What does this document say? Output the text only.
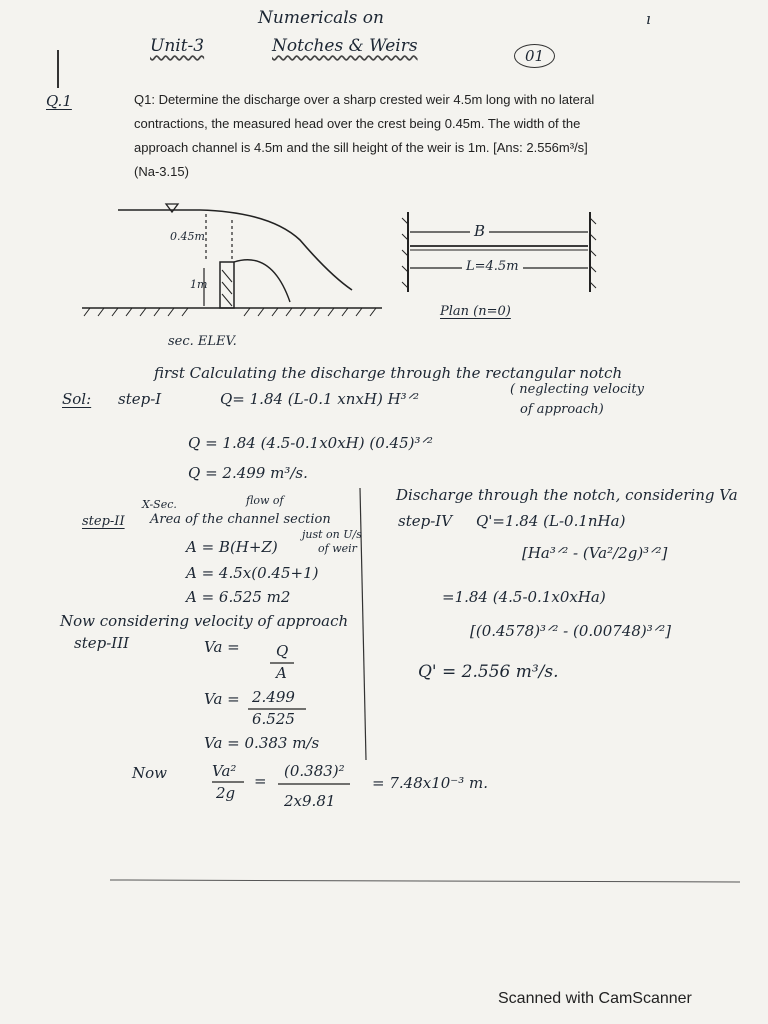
Numericals on
Notches & Weirs
Unit-3	01
Q.1
ı
Q1: Determine the discharge over a sharp crested weir 4.5m long with no lateral
contractions, the measured head over the crest being 0.45m. The width of the
approach channel is 4.5m and the sill height of the weir is 1m. [Ans: 2.556m³/s]
(Na-3.15)
0.45m
1m
sec. ELEV.
B
L=4.5m
Plan (n=0)
first Calculating the discharge through the rectangular notch
Sol: step-I	Q= 1.84 (L-0.1 xnxH) H³ᐟ²
( neglecting velocity
of approach)
Q = 1.84 (4.5-0.1x0xH) (0.45)³ᐟ²
Q = 2.499 m³/s.
X-Sec.	flow of
step-II Area of the channel section
just on U/s
of weir
A = B(H+Z)
A = 4.5x(0.45+1)
A = 6.525 m2
Now considering velocity of approach
step-III	Va = Q
A
Va = 2.499
6.525
Va = 0.383 m/s
Now	Va²
2g
=
(0.383)²
2x9.81
= 7.48x10⁻³ m.
Discharge through the notch, considering Va
step-IV Q'=1.84 (L-0.1nHa)
[Ha³ᐟ² - (Va²/2g)³ᐟ²]
=1.84 (4.5-0.1x0xHa)
[(0.4578)³ᐟ² - (0.00748)³ᐟ²]
Q' = 2.556 m³/s.
Scanned with CamScanner
